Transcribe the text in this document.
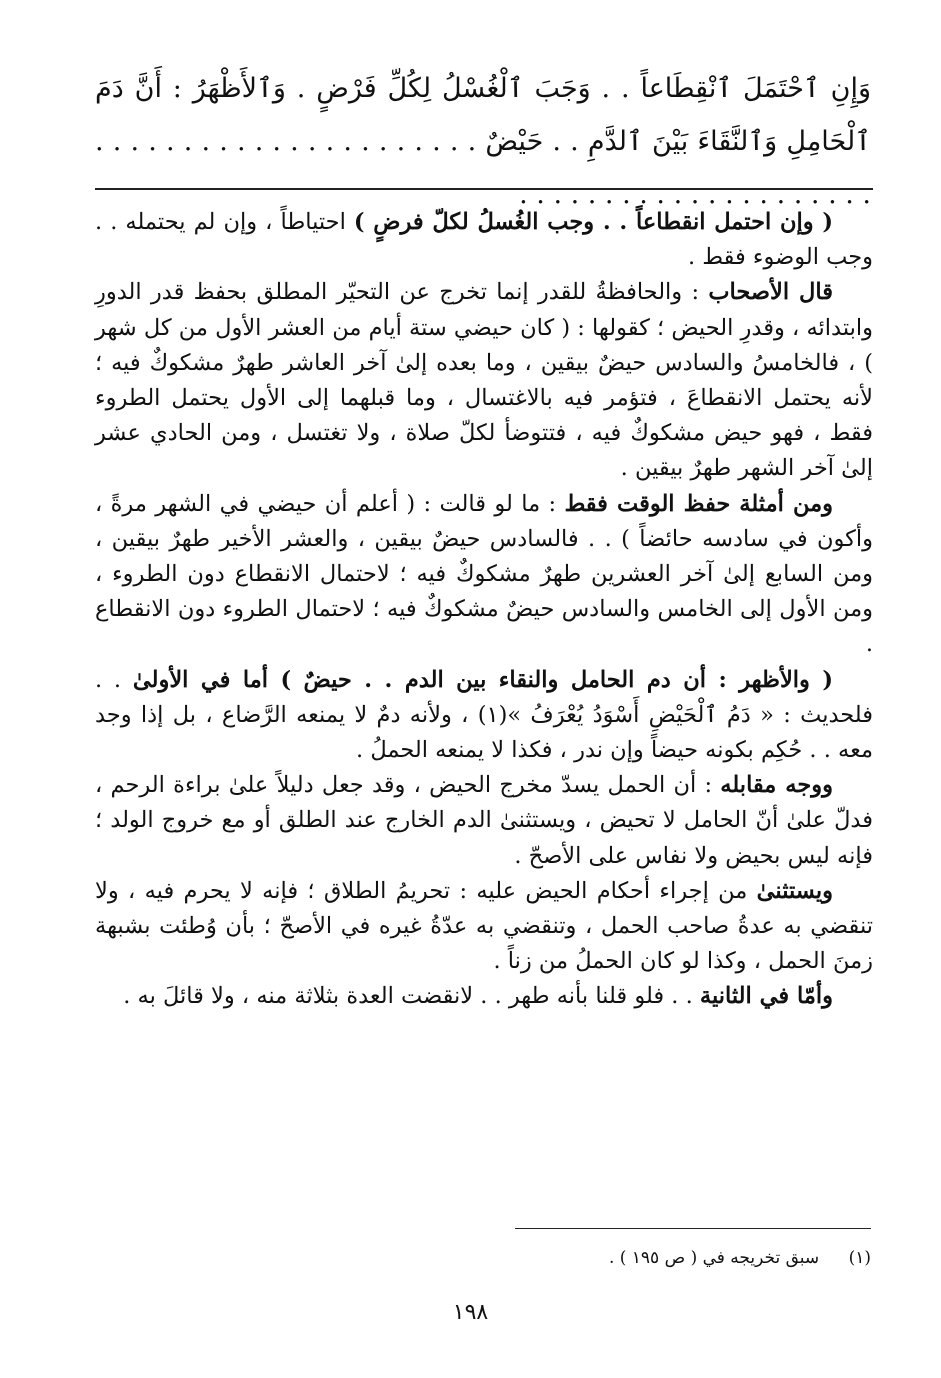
وَإِنِ ٱحْتَمَلَ ٱنْقِطَاعاً . . وَجَبَ ٱلْغُسْلُ لِكُلِّ فَرْضٍ . وَٱلأَظْهَرُ : أَنَّ دَمَ ٱلْحَامِلِ وَٱلنَّقَاءَ بَيْنَ ٱلدَّمِ . . حَيْضٌ . . . . . . . . . . . . . . . . . . . . . . . . . . . . . . . . . . . . . . . . . . .

( وإن احتمل انقطاعاً . . وجب الغُسلُ لكلّ فرضٍ ) احتياطاً ، وإن لم يحتمله . . وجب الوضوء فقط .

قال الأصحاب : والحافظةُ للقدر إنما تخرج عن التحيّر المطلق بحفظ قدر الدورِ وابتدائه ، وقدرِ الحيض ؛ كقولها : ( كان حيضي ستة أيام من العشر الأول من كل شهر ) ، فالخامسُ والسادس حيضٌ بيقين ، وما بعده إلىٰ آخر العاشر طهرٌ مشكوكٌ فيه ؛ لأنه يحتمل الانقطاعَ ، فتؤمر فيه بالاغتسال ، وما قبلهما إلى الأول يحتمل الطروء فقط ، فهو حيض مشكوكٌ فيه ، فتتوضأ لكلّ صلاة ، ولا تغتسل ، ومن الحادي عشر إلىٰ آخر الشهر طهرٌ بيقين .

ومن أمثلة حفظ الوقت فقط : ما لو قالت : ( أعلم أن حيضي في الشهر مرةً ، وأكون في سادسه حائضاً ) . . فالسادس حيضٌ بيقين ، والعشر الأخير طهرٌ بيقين ، ومن السابع إلىٰ آخر العشرين طهرٌ مشكوكٌ فيه ؛ لاحتمال الانقطاع دون الطروء ، ومن الأول إلى الخامس والسادس حيضٌ مشكوكٌ فيه ؛ لاحتمال الطروء دون الانقطاع .

( والأظهر : أن دم الحامل والنقاء بين الدم . . حيضٌ ) أما في الأولىٰ . . فلحديث : « دَمُ ٱلْحَيْضِ أَسْوَدُ يُعْرَفُ »(١) ، ولأنه دمٌ لا يمنعه الرَّضاع ، بل إذا وجد معه . . حُكِم بكونه حيضاً وإن ندر ، فكذا لا يمنعه الحملُ .

ووجه مقابله : أن الحمل يسدّ مخرج الحيض ، وقد جعل دليلاً علىٰ براءة الرحم ، فدلّ علىٰ أنّ الحامل لا تحيض ، ويستثنىٰ الدم الخارج عند الطلق أو مع خروج الولد ؛ فإنه ليس بحيض ولا نفاس على الأصحّ .

ويستثنىٰ من إجراء أحكام الحيض عليه : تحريمُ الطلاق ؛ فإنه لا يحرم فيه ، ولا تنقضي به عدةُ صاحب الحمل ، وتنقضي به عدّةُ غيره في الأصحّ ؛ بأن وُطئت بشبهة زمنَ الحمل ، وكذا لو كان الحملُ من زناً .

وأمّا في الثانية . . فلو قلنا بأنه طهر . . لانقضت العدة بثلاثة منه ، ولا قائلَ به .

(١) سبق تخريجه في ( ص ١٩٥ ) .
١٩٨
